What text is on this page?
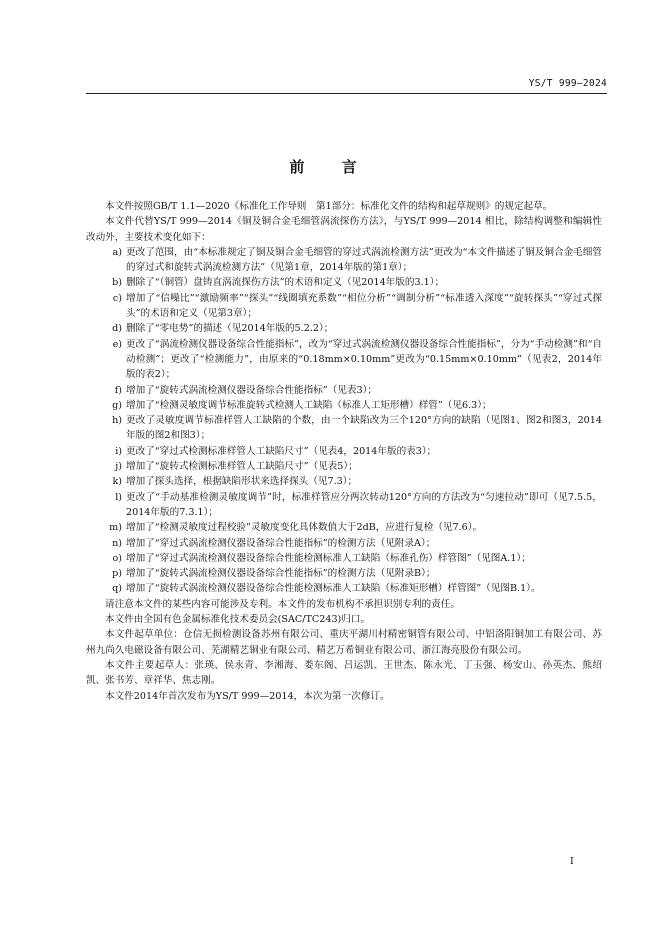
YS/T 999—2024
前 言

本文件按照GB/T 1.1—2020《标准化工作导则　第1部分：标准化文件的结构和起草规则》的规定起草。

本文件代替YS/T 999—2014《铜及铜合金毛细管涡流探伤方法》，与YS/T 999—2014 相比，除结构调整和编辑性改动外，主要技术变化如下：

a) 更改了范围，由“本标准规定了铜及铜合金毛细管的穿过式涡流检测方法”更改为“本文件描述了铜及铜合金毛细管的穿过式和旋转式涡流检测方法”（见第1章，2014年版的第1章）；
b) 删除了“（铜管）盘铸直涡流探伤方法”的术语和定义（见2014年版的3.1）；
c) 增加了“信噪比”“激励频率”“探头”“线圈填充系数”“相位分析”“调制分析”“标准透入深度”“旋转探头”“穿过式探头”的术语和定义（见第3章）；
d) 删除了“零电势”的描述（见2014年版的5.2.2）；
e) 更改了“涡流检测仪器设备综合性能指标”，改为“穿过式涡流检测仪器设备综合性能指标”，分为“手动检测”和“自动检测”；更改了“检测能力”，由原来的“0.18mm×0.10mm”更改为“0.15mm×0.10mm”（见表2，2014年版的表2）；
f) 增加了“旋转式涡流检测仪器设备综合性能指标”（见表3）；
g) 增加了“检测灵敏度调节标准旋转式检测人工缺陷（标准人工矩形槽）样管”（见6.3）；
h) 更改了灵敏度调节标准样管人工缺陷的个数，由一个缺陷改为三个120°方向的缺陷（见图1、图2和图3，2014年版的图2和图3）；
i) 更改了“穿过式检测标准样管人工缺陷尺寸”（见表4，2014年版的表3）；
j) 增加了“旋转式检测标准样管人工缺陷尺寸”（见表5）；
k) 增加了探头选择，根据缺陷形状来选择探头（见7.3）；
l) 更改了“手动基准检测灵敏度调节”时，标准样管应分两次转动120°方向的方法改为“匀速拉动”即可（见7.5.5，2014年版的7.3.1）；
m) 增加了“检测灵敏度过程校验”灵敏度变化具体数值大于2dB，应进行复检（见7.6）。
n) 增加了“穿过式涡流检测仪器设备综合性能指标”的检测方法（见附录A）；
o) 增加了“穿过式涡流检测仪器设备综合性能检测标准人工缺陷（标准孔伤）样管图”（见图A.1）；
p) 增加了“旋转式涡流检测仪器设备综合性能指标”的检测方法（见附录B）；
q) 增加了“旋转式涡流检测仪器设备综合性能检测标准人工缺陷（标准矩形槽）样管图”（见图B.1）。

请注意本文件的某些内容可能涉及专利。本文件的发布机构不承担识别专利的责任。

本文件由全国有色金属标准化技术委员会(SAC/TC243)归口。

本文件起草单位：仓信无损检测设备苏州有限公司、重庆平湖川村精密铜管有限公司、中铝洛阳铜加工有限公司、苏州九尚久电磁设备有限公司、芜湖精艺铜业有限公司、精艺万希铜业有限公司、浙江海亮股份有限公司。

本文件主要起草人：张瑛、侯永青、李湘海、娄东阁、吕运凯、王世杰、陈永光、丁玉强、杨安山、孙英杰、熊绍凯、张书芳、章祥华、焦志刚。

本文件2014年首次发布为YS/T 999—2014，本次为第一次修订。

I
